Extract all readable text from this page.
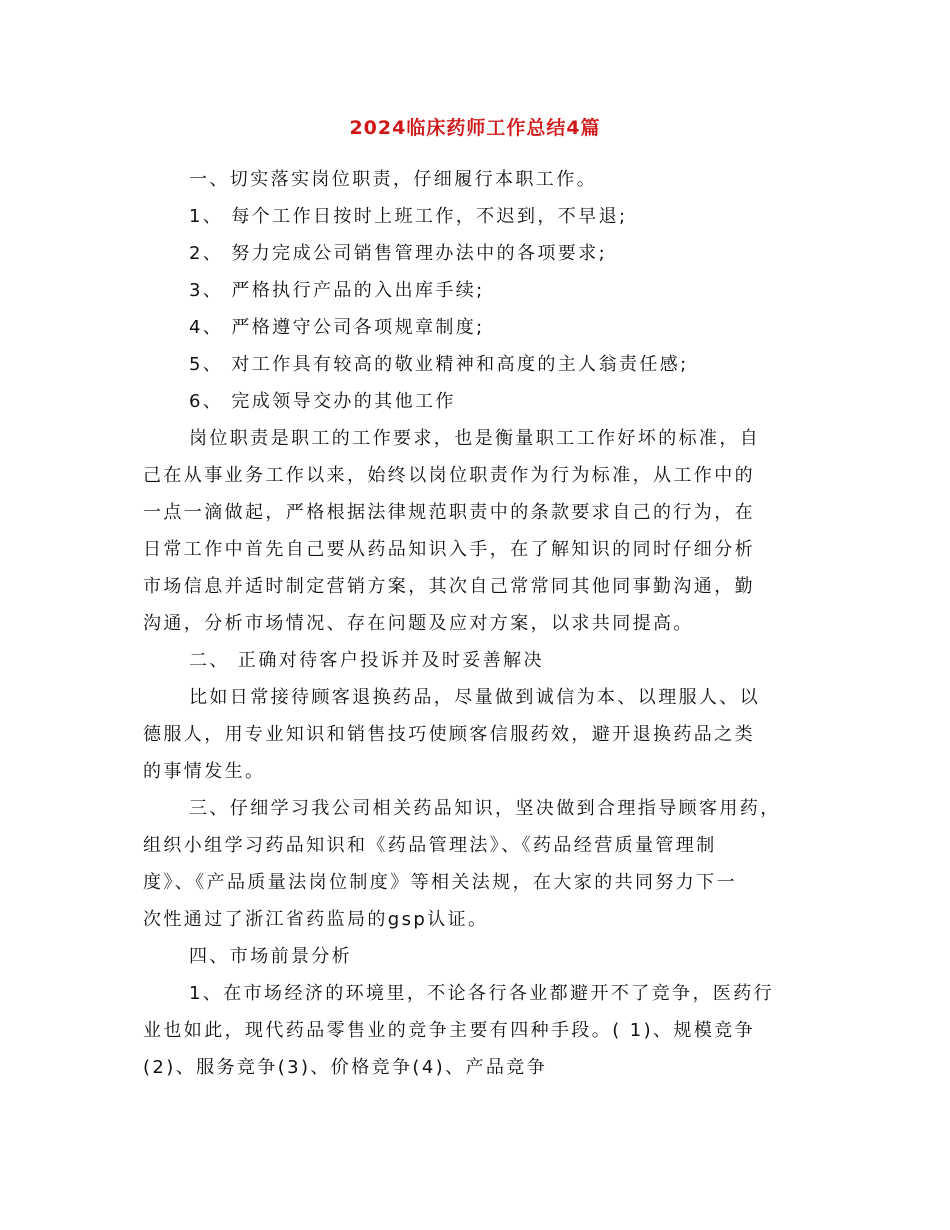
2024临床药师工作总结4篇
一、切实落实岗位职责，仔细履行本职工作。
1、 每个工作日按时上班工作，不迟到，不早退;
2、 努力完成公司销售管理办法中的各项要求;
3、 严格执行产品的入出库手续;
4、 严格遵守公司各项规章制度;
5、 对工作具有较高的敬业精神和高度的主人翁责任感;
6、 完成领导交办的其他工作
岗位职责是职工的工作要求，也是衡量职工工作好坏的标准，自
己在从事业务工作以来，始终以岗位职责作为行为标准，从工作中的
一点一滴做起，严格根据法律规范职责中的条款要求自己的行为，在
日常工作中首先自己要从药品知识入手，在了解知识的同时仔细分析
市场信息并适时制定营销方案，其次自己常常同其他同事勤沟通，勤
沟通，分析市场情况、存在问题及应对方案，以求共同提高。
二、 正确对待客户投诉并及时妥善解决
比如日常接待顾客退换药品，尽量做到诚信为本、以理服人、以
德服人，用专业知识和销售技巧使顾客信服药效，避开退换药品之类
的事情发生。
三、仔细学习我公司相关药品知识，坚决做到合理指导顾客用药，
组织小组学习药品知识和《药品管理法》、《药品经营质量管理制
度》、《产品质量法岗位制度》等相关法规，在大家的共同努力下一
次性通过了浙江省药监局的gsp认证。
四、市场前景分析
1、在市场经济的环境里，不论各行各业都避开不了竞争，医药行
业也如此，现代药品零售业的竞争主要有四种手段。( 1)、规模竞争
(2)、服务竞争(3)、价格竞争(4)、产品竞争
